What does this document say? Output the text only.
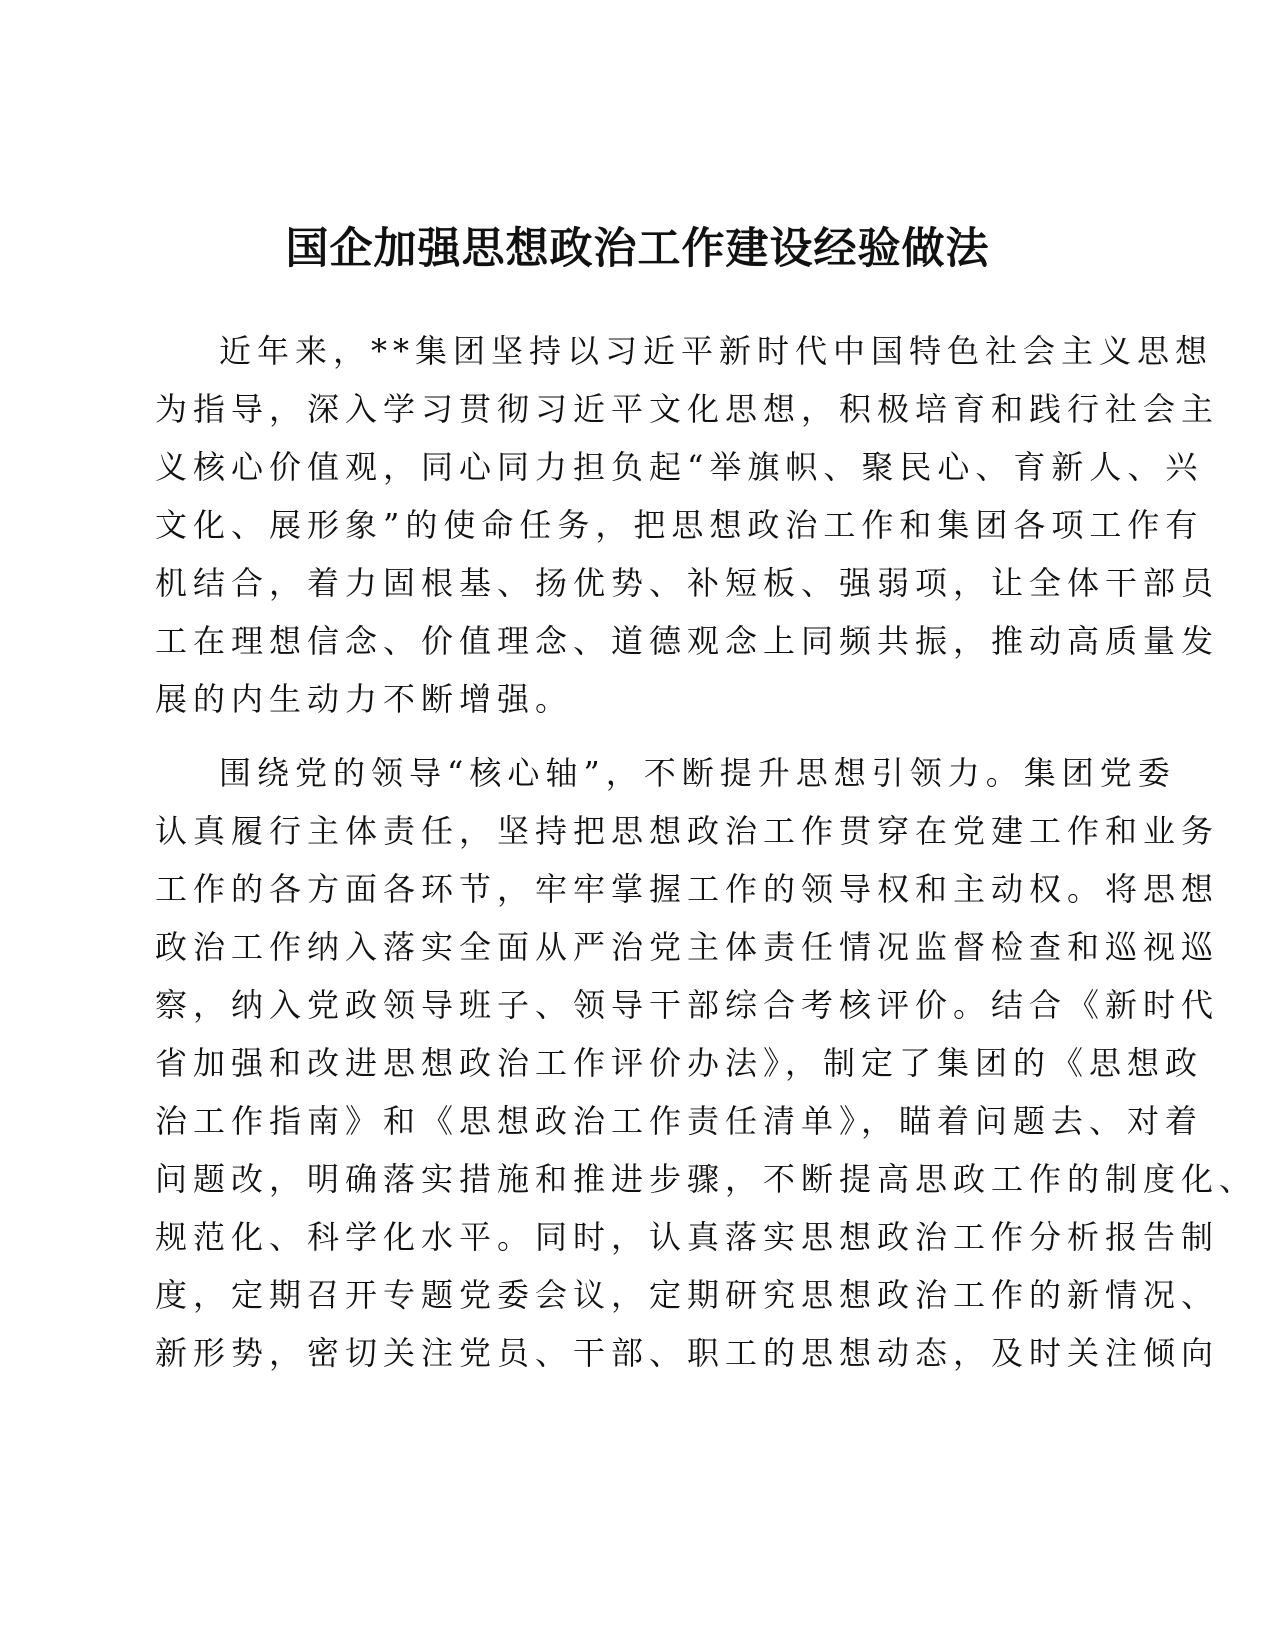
国企加强思想政治工作建设经验做法

近年来，**集团坚持以习近平新时代中国特色社会主义思想
为指导，深入学习贯彻习近平文化思想，积极培育和践行社会主
义核心价值观，同心同力担负起“举旗帜、聚民心、育新人、兴
文化、展形象”的使命任务，把思想政治工作和集团各项工作有
机结合，着力固根基、扬优势、补短板、强弱项，让全体干部员
工在理想信念、价值理念、道德观念上同频共振，推动高质量发
展的内生动力不断增强。

围绕党的领导“核心轴”，不断提升思想引领力。集团党委
认真履行主体责任，坚持把思想政治工作贯穿在党建工作和业务
工作的各方面各环节，牢牢掌握工作的领导权和主动权。将思想
政治工作纳入落实全面从严治党主体责任情况监督检查和巡视巡
察，纳入党政领导班子、领导干部综合考核评价。结合《新时代
省加强和改进思想政治工作评价办法》，制定了集团的《思想政
治工作指南》和《思想政治工作责任清单》，瞄着问题去、对着
问题改，明确落实措施和推进步骤，不断提高思政工作的制度化、
规范化、科学化水平。同时，认真落实思想政治工作分析报告制
度，定期召开专题党委会议，定期研究思想政治工作的新情况、
新形势，密切关注党员、干部、职工的思想动态，及时关注倾向
